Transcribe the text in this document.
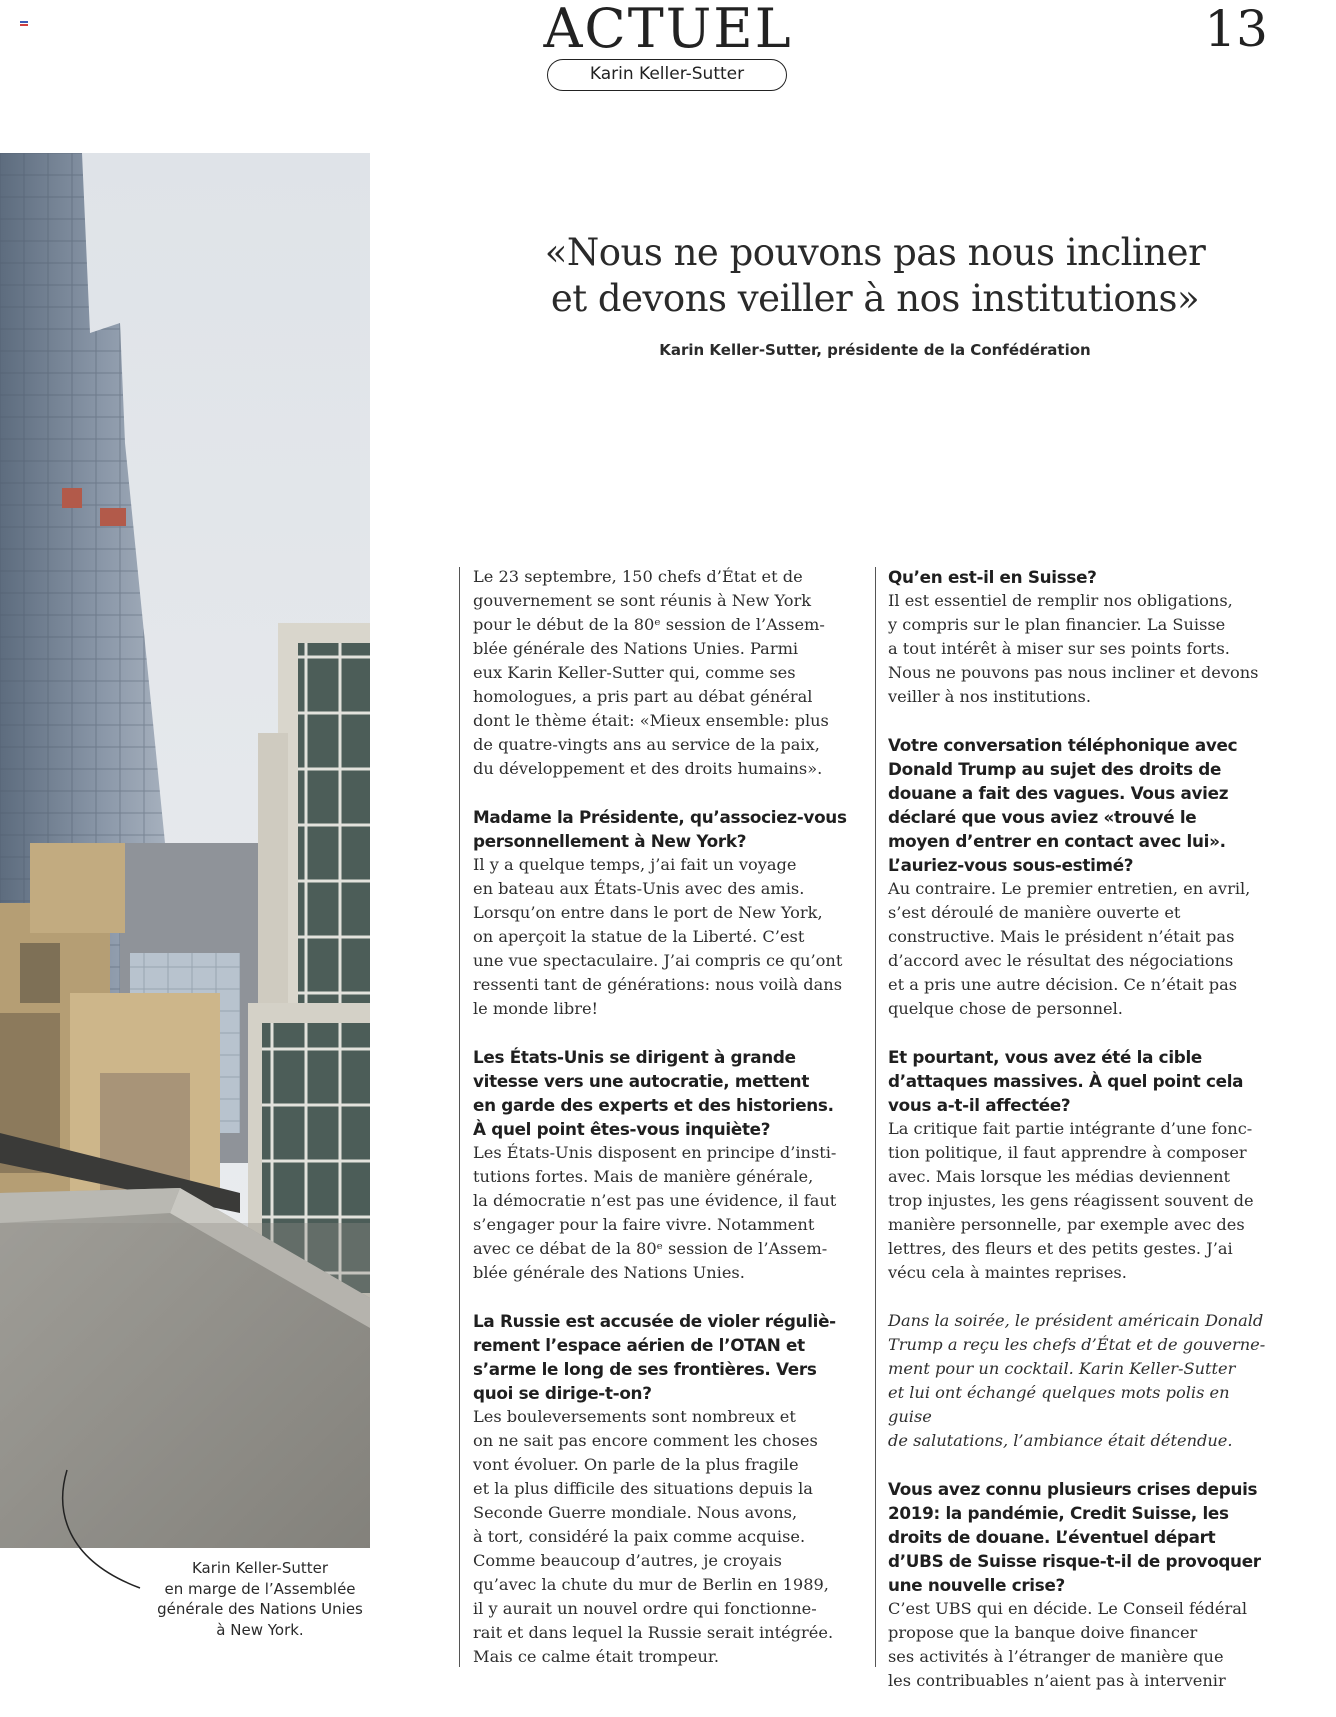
ACTUEL	13
Karin Keller-Sutter
Karin Keller-Sutter
en marge de l’Assemblée
générale des Nations Unies
à New York.
«Nous ne pouvons pas nous incliner
et devons veiller à nos institutions»
Karin Keller-Sutter, présidente de la Confédération
Le 23 septembre, 150 chefs d’État et de
gouvernement se sont réunis à New York
pour le début de la 80ᵉ session de l’Assem-
blée générale des Nations Unies. Parmi
eux Karin Keller-Sutter qui, comme ses
homologues, a pris part au débat général
dont le thème était: «Mieux ensemble: plus
de quatre-vingts ans au service de la paix,
du développement et des droits humains».
Madame la Présidente, qu’associez-vous
personnellement à New York?
Il y a quelque temps, j’ai fait un voyage
en bateau aux États-Unis avec des amis.
Lorsqu’on entre dans le port de New York,
on aperçoit la statue de la Liberté. C’est
une vue spectaculaire. J’ai compris ce qu’ont
ressenti tant de générations: nous voilà dans
le monde libre!
Les États-Unis se dirigent à grande
vitesse vers une autocratie, mettent
en garde des experts et des historiens.
À quel point êtes-vous inquiète?
Les États-Unis disposent en principe d’insti-
tutions fortes. Mais de manière générale,
la démocratie n’est pas une évidence, il faut
s’engager pour la faire vivre. Notamment
avec ce débat de la 80ᵉ session de l’Assem-
blée générale des Nations Unies.
La Russie est accusée de violer réguliè-
rement l’espace aérien de l’OTAN et
s’arme le long de ses frontières. Vers
quoi se dirige-t-on?
Les bouleversements sont nombreux et
on ne sait pas encore comment les choses
vont évoluer. On parle de la plus fragile
et la plus difficile des situations depuis la
Seconde Guerre mondiale. Nous avons,
à tort, considéré la paix comme acquise.
Comme beaucoup d’autres, je croyais
qu’avec la chute du mur de Berlin en 1989,
il y aurait un nouvel ordre qui fonctionne-
rait et dans lequel la Russie serait intégrée.
Mais ce calme était trompeur.
Qu’en est-il en Suisse?
Il est essentiel de remplir nos obligations,
y compris sur le plan financier. La Suisse
a tout intérêt à miser sur ses points forts.
Nous ne pouvons pas nous incliner et devons
veiller à nos institutions.
Votre conversation téléphonique avec
Donald Trump au sujet des droits de
douane a fait des vagues. Vous aviez
déclaré que vous aviez «trouvé le
moyen d’entrer en contact avec lui».
L’auriez-vous sous-estimé?
Au contraire. Le premier entretien, en avril,
s’est déroulé de manière ouverte et
constructive. Mais le président n’était pas
d’accord avec le résultat des négociations
et a pris une autre décision. Ce n’était pas
quelque chose de personnel.
Et pourtant, vous avez été la cible
d’attaques massives. À quel point cela
vous a-t-il affectée?
La critique fait partie intégrante d’une fonc-
tion politique, il faut apprendre à composer
avec. Mais lorsque les médias deviennent
trop injustes, les gens réagissent souvent de
manière personnelle, par exemple avec des
lettres, des fleurs et des petits gestes. J’ai
vécu cela à maintes reprises.
Dans la soirée, le président américain Donald
Trump a reçu les chefs d’État et de gouverne-
ment pour un cocktail. Karin Keller-Sutter
et lui ont échangé quelques mots polis en guise
de salutations, l’ambiance était détendue.
Vous avez connu plusieurs crises depuis
2019: la pandémie, Credit Suisse, les
droits de douane. L’éventuel départ
d’UBS de Suisse risque-t-il de provoquer
une nouvelle crise?
C’est UBS qui en décide. Le Conseil fédéral
propose que la banque doive financer
ses activités à l’étranger de manière que
les contribuables n’aient pas à intervenir
